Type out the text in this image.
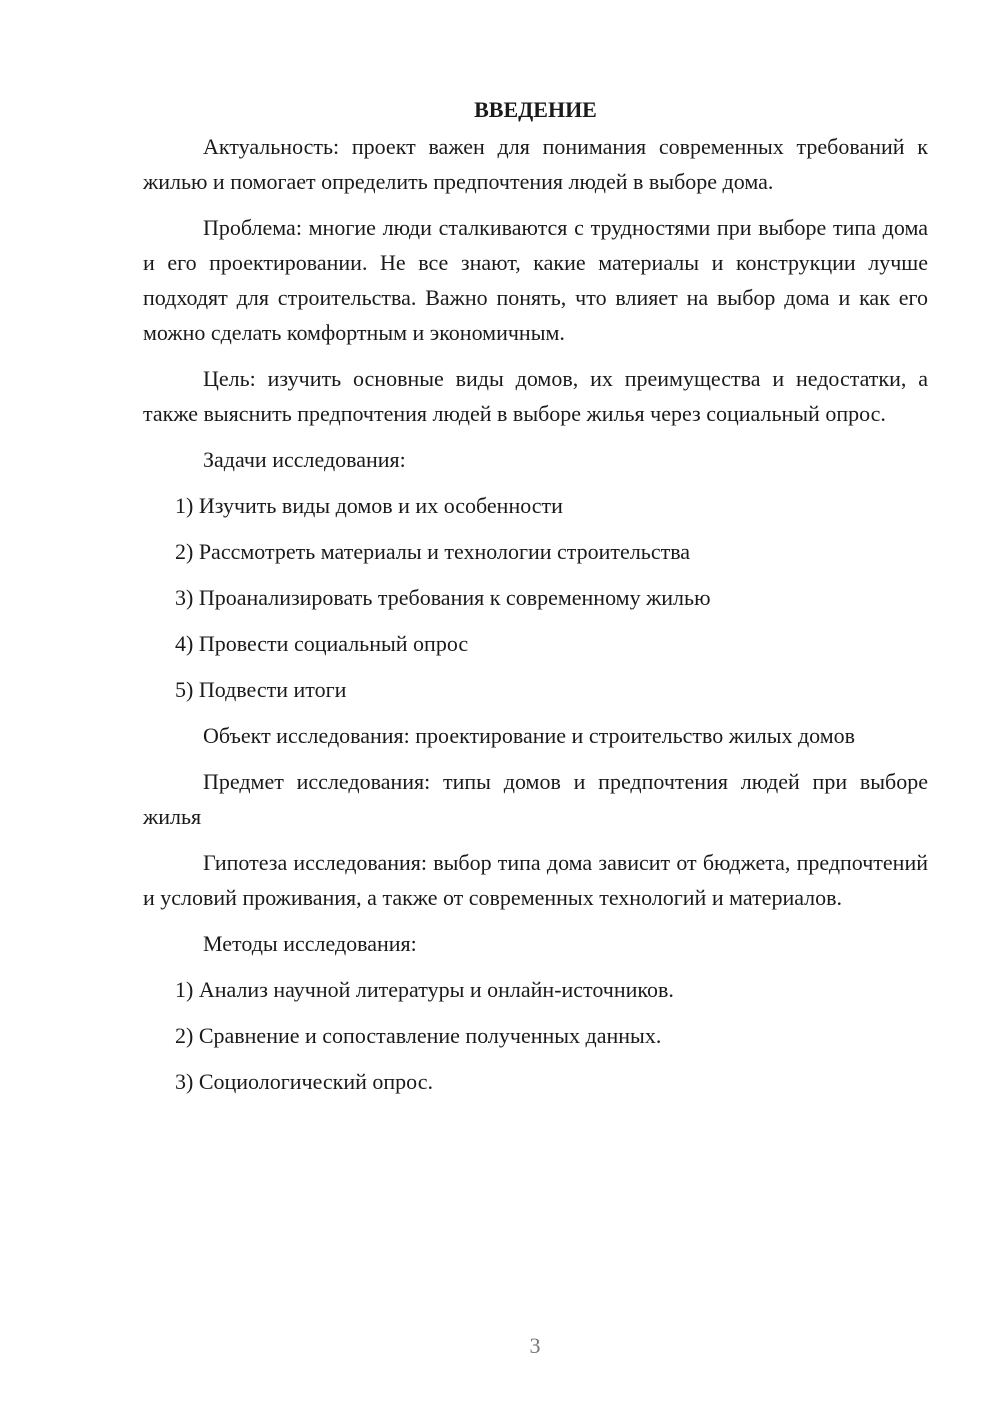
ВВЕДЕНИЕ

Актуальность: проект важен для понимания современных требований к жилью и помогает определить предпочтения людей в выборе дома.

Проблема: многие люди сталкиваются с трудностями при выборе типа дома и его проектировании. Не все знают, какие материалы и конструкции лучше подходят для строительства. Важно понять, что влияет на выбор дома и как его можно сделать комфортным и экономичным.

Цель: изучить основные виды домов, их преимущества и недостатки, а также выяснить предпочтения людей в выборе жилья через социальный опрос.

Задачи исследования:

1) Изучить виды домов и их особенности
2) Рассмотреть материалы и технологии строительства
3) Проанализировать требования к современному жилью
4) Провести социальный опрос
5) Подвести итоги

Объект исследования: проектирование и строительство жилых домов

Предмет исследования: типы домов и предпочтения людей при выборе жилья

Гипотеза исследования: выбор типа дома зависит от бюджета, предпочтений и условий проживания, а также от современных технологий и материалов.

Методы исследования:

1) Анализ научной литературы и онлайн-источников.
2) Сравнение и сопоставление полученных данных.
3) Социологический опрос.
3
